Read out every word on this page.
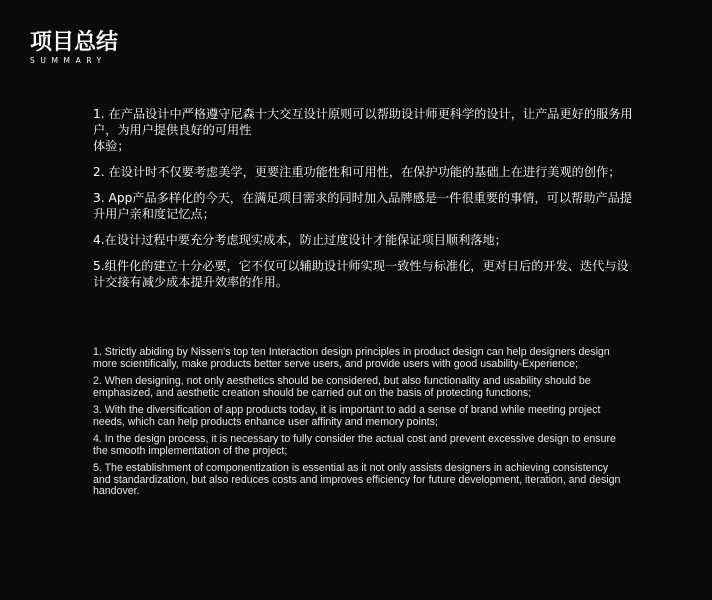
项目总结
SUMMARY
1. 在产品设计中严格遵守尼森十大交互设计原则可以帮助设计师更科学的设计，让产品更好的服务用户，为用户提供良好的可用性
体验；
2. 在设计时不仅要考虑美学，更要注重功能性和可用性，在保护功能的基础上在进行美观的创作；
3. App产品多样化的今天，在满足项目需求的同时加入品牌感是一件很重要的事情，可以帮助产品提升用户亲和度记忆点；
4.在设计过程中要充分考虑现实成本，防止过度设计才能保证项目顺利落地；
5.组件化的建立十分必要，它不仅可以辅助设计师实现一致性与标准化，更对日后的开发、迭代与设计交接有减少成本提升效率的作用。
1. Strictly abiding by Nissen's top ten Interaction design principles in product design can help designers design more scientifically, make products better serve users, and provide users with good usability-Experience;
2. When designing, not only aesthetics should be considered, but also functionality and usability should be emphasized, and aesthetic creation should be carried out on the basis of protecting functions;
3. With the diversification of app products today, it is important to add a sense of brand while meeting project needs, which can help products enhance user affinity and memory points;
4. In the design process, it is necessary to fully consider the actual cost and prevent excessive design to ensure the smooth implementation of the project;
5. The establishment of componentization is essential as it not only assists designers in achieving consistency and standardization, but also reduces costs and improves efficiency for future development, iteration, and design handover.
